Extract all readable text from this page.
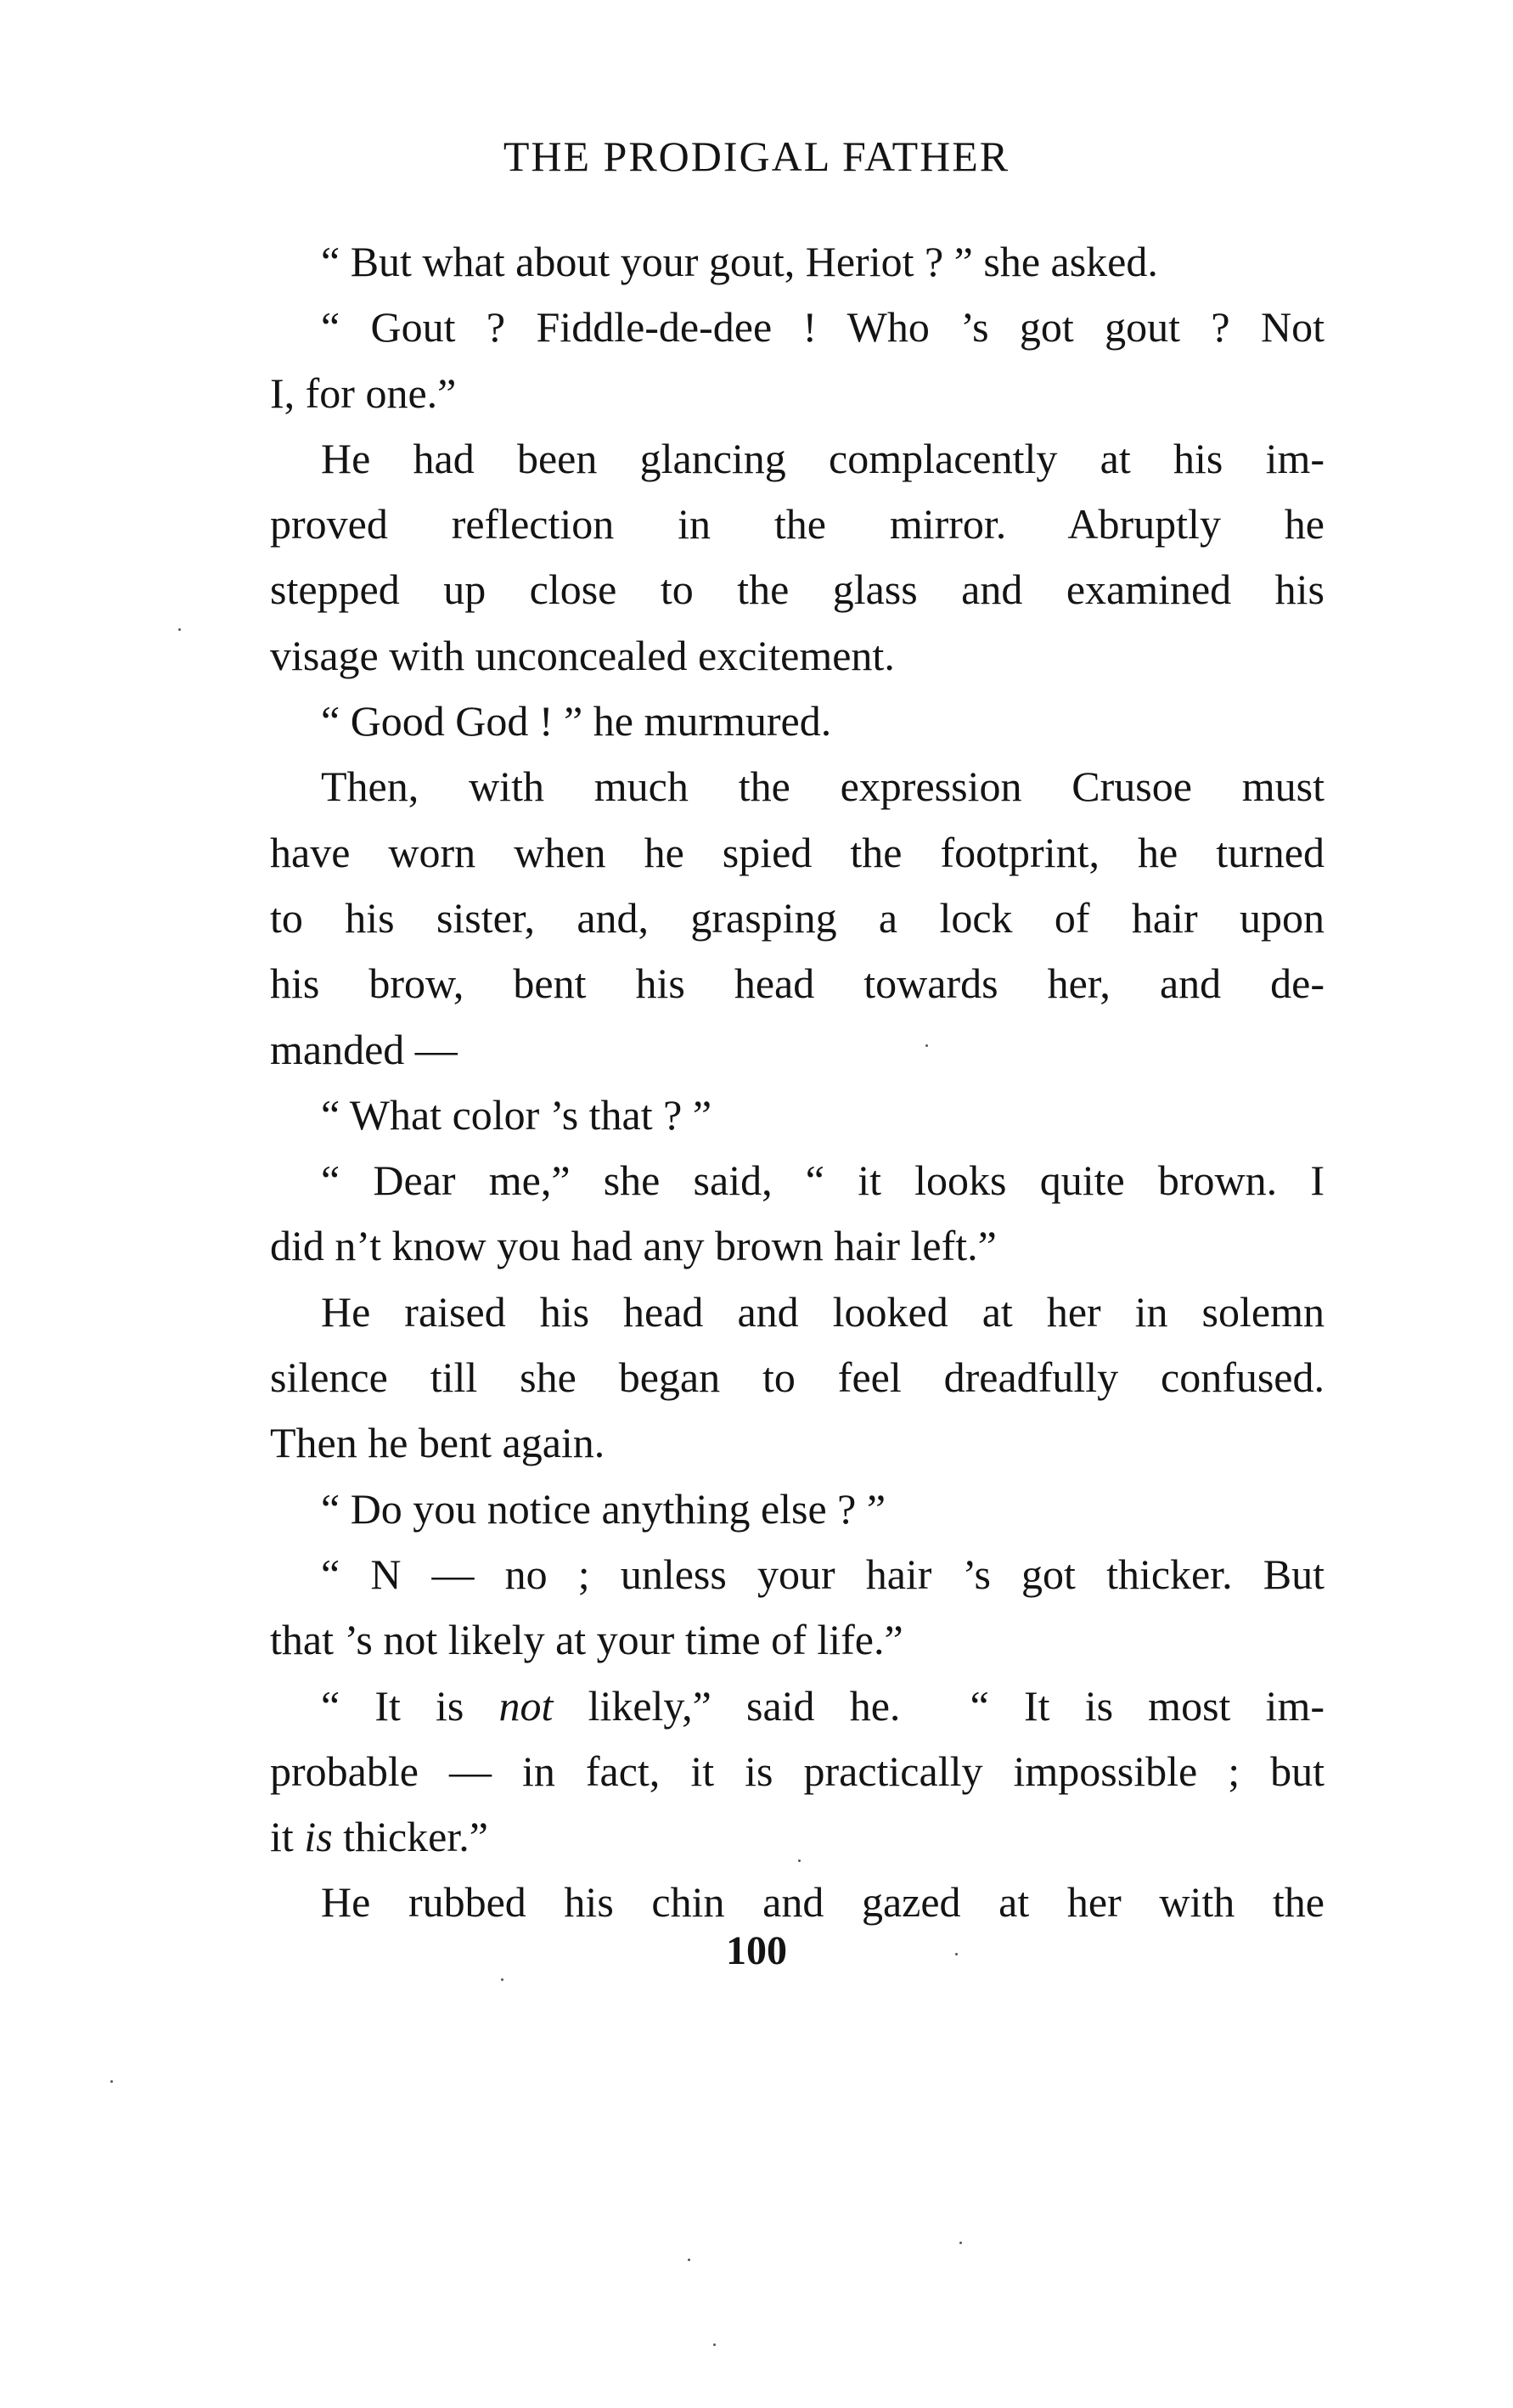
THE PRODIGAL FATHER
“ But what about your gout, Heriot ? ” she asked.
“ Gout ? Fiddle-de-dee ! Who ’s got gout ? Not
I, for one.”
He had been glancing complacently at his im-
proved reflection in the mirror. Abruptly he
stepped up close to the glass and examined his
visage with unconcealed excitement.
“ Good God ! ” he murmured.
Then, with much the expression Crusoe must
have worn when he spied the footprint, he turned
to his sister, and, grasping a lock of hair upon
his brow, bent his head towards her, and de-
manded —
“ What color ’s that ? ”
“ Dear me,” she said, “ it looks quite brown. I
did n’t know you had any brown hair left.”
He raised his head and looked at her in solemn
silence till she began to feel dreadfully confused.
Then he bent again.
“ Do you notice anything else ? ”
“ N — no ; unless your hair ’s got thicker. But
that ’s not likely at your time of life.”
“ It is not likely,” said he.  “ It is most im-
probable — in fact, it is practically impossible ; but
it is thicker.”
He rubbed his chin and gazed at her with the
100
